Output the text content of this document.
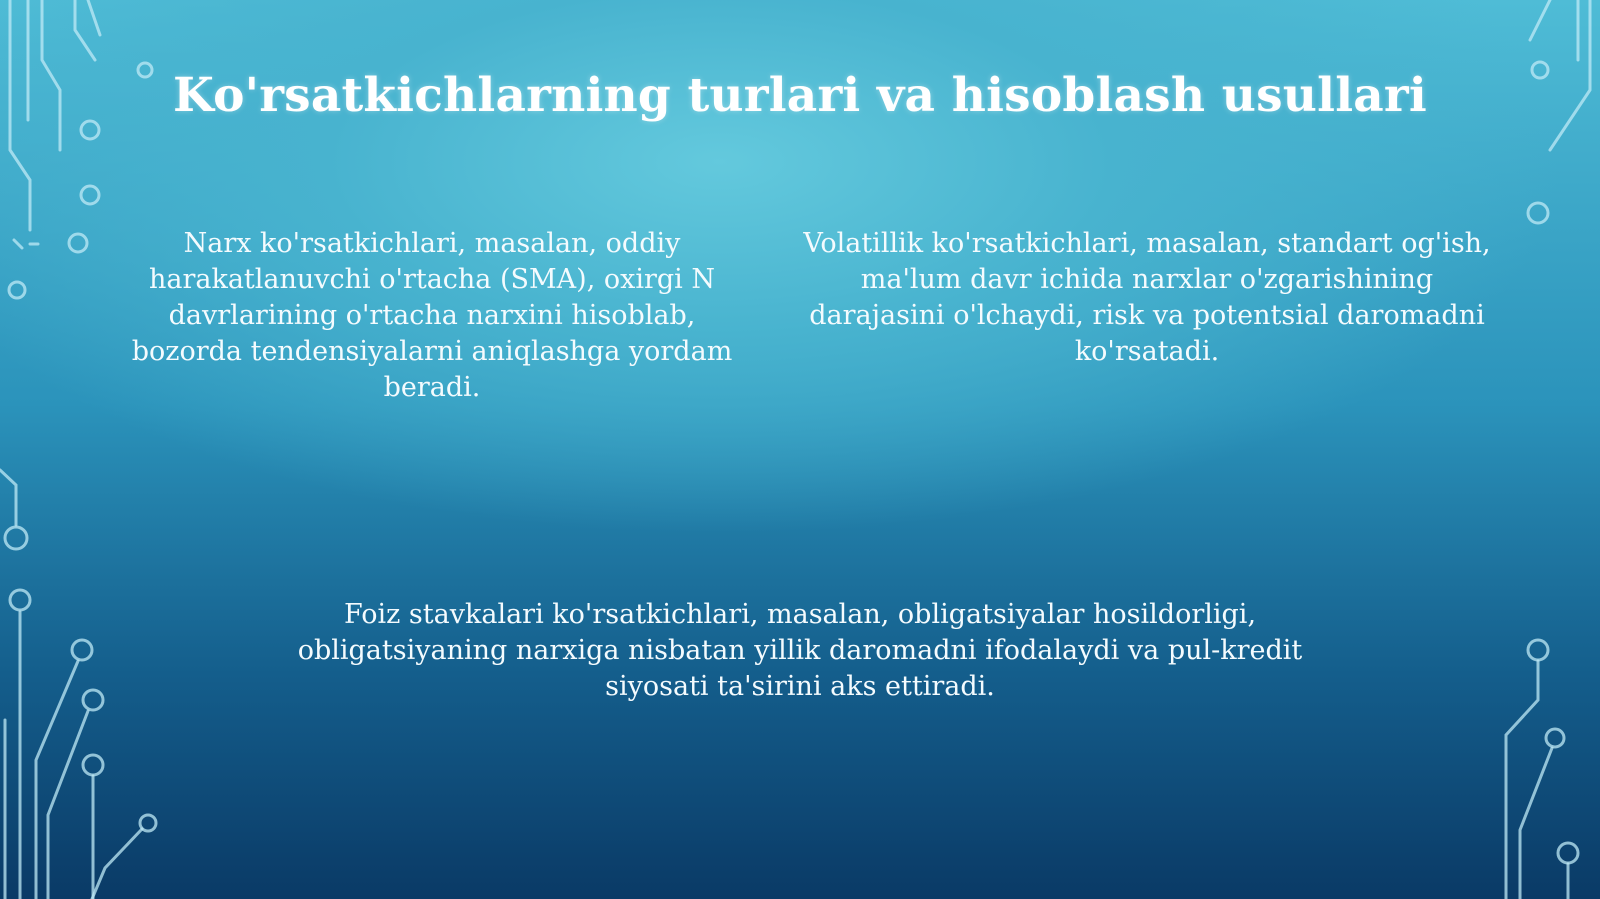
Ko'rsatkichlarning turlari va hisoblash usullari

Narx ko'rsatkichlari, masalan, oddiy harakatlanuvchi o'rtacha (SMA), oxirgi N davrlarining o'rtacha narxini hisoblab, bozorda tendensiyalarni aniqlashga yordam beradi.

Volatillik ko'rsatkichlari, masalan, standart og'ish, ma'lum davr ichida narxlar o'zgarishining darajasini o'lchaydi, risk va potentsial daromadni ko'rsatadi.

Foiz stavkalari ko'rsatkichlari, masalan, obligatsiyalar hosildorligi, obligatsiyaning narxiga nisbatan yillik daromadni ifodalaydi va pul-kredit siyosati ta'sirini aks ettiradi.
